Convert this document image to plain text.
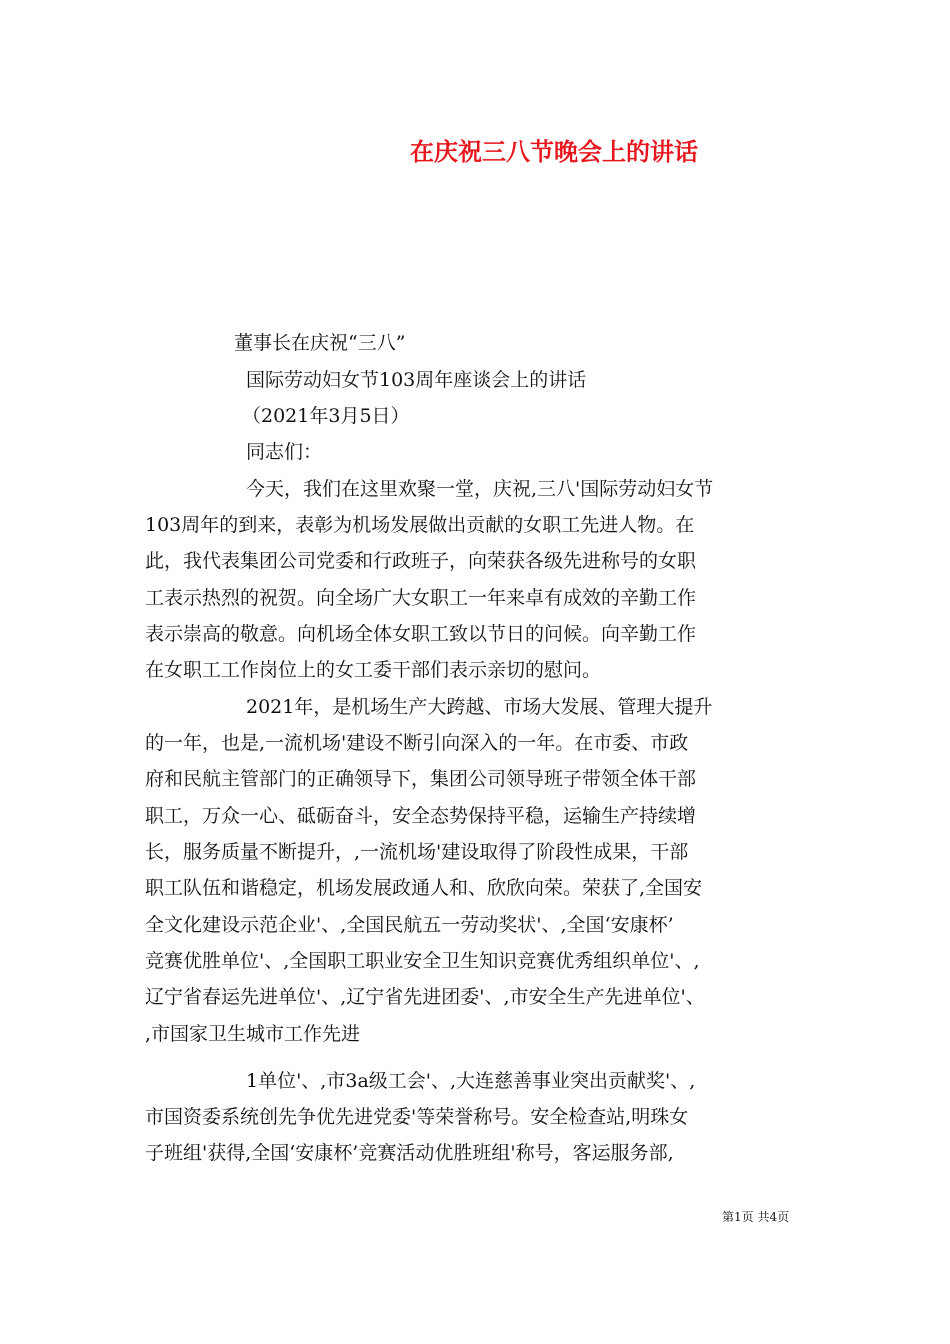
在庆祝三八节晚会上的讲话
董事长在庆祝“三八”
国际劳动妇女节103周年座谈会上的讲话
（2021年3月5日）
同志们：
今天，我们在这里欢聚一堂，庆祝,三八'国际劳动妇女节
103周年的到来，表彰为机场发展做出贡献的女职工先进人物。在
此，我代表集团公司党委和行政班子，向荣获各级先进称号的女职
工表示热烈的祝贺。向全场广大女职工一年来卓有成效的辛勤工作
表示崇高的敬意。向机场全体女职工致以节日的问候。向辛勤工作
在女职工工作岗位上的女工委干部们表示亲切的慰问。
2021年，是机场生产大跨越、市场大发展、管理大提升
的一年，也是,一流机场'建设不断引向深入的一年。在市委、市政
府和民航主管部门的正确领导下，集团公司领导班子带领全体干部
职工，万众一心、砥砺奋斗，安全态势保持平稳，运输生产持续增
长，服务质量不断提升，,一流机场'建设取得了阶段性成果，干部
职工队伍和谐稳定，机场发展政通人和、欣欣向荣。荣获了,全国安
全文化建设示范企业'、,全国民航五一劳动奖状'、,全国‘安康杯’
竞赛优胜单位'、,全国职工职业安全卫生知识竞赛优秀组织单位'、,
辽宁省春运先进单位'、,辽宁省先进团委'、,市安全生产先进单位'、
,市国家卫生城市工作先进
1单位'、,市3a级工会'、,大连慈善事业突出贡献奖'、,
市国资委系统创先争优先进党委'等荣誉称号。安全检查站,明珠女
子班组'获得,全国‘安康杯’竞赛活动优胜班组'称号，客运服务部,
第1页 共4页
